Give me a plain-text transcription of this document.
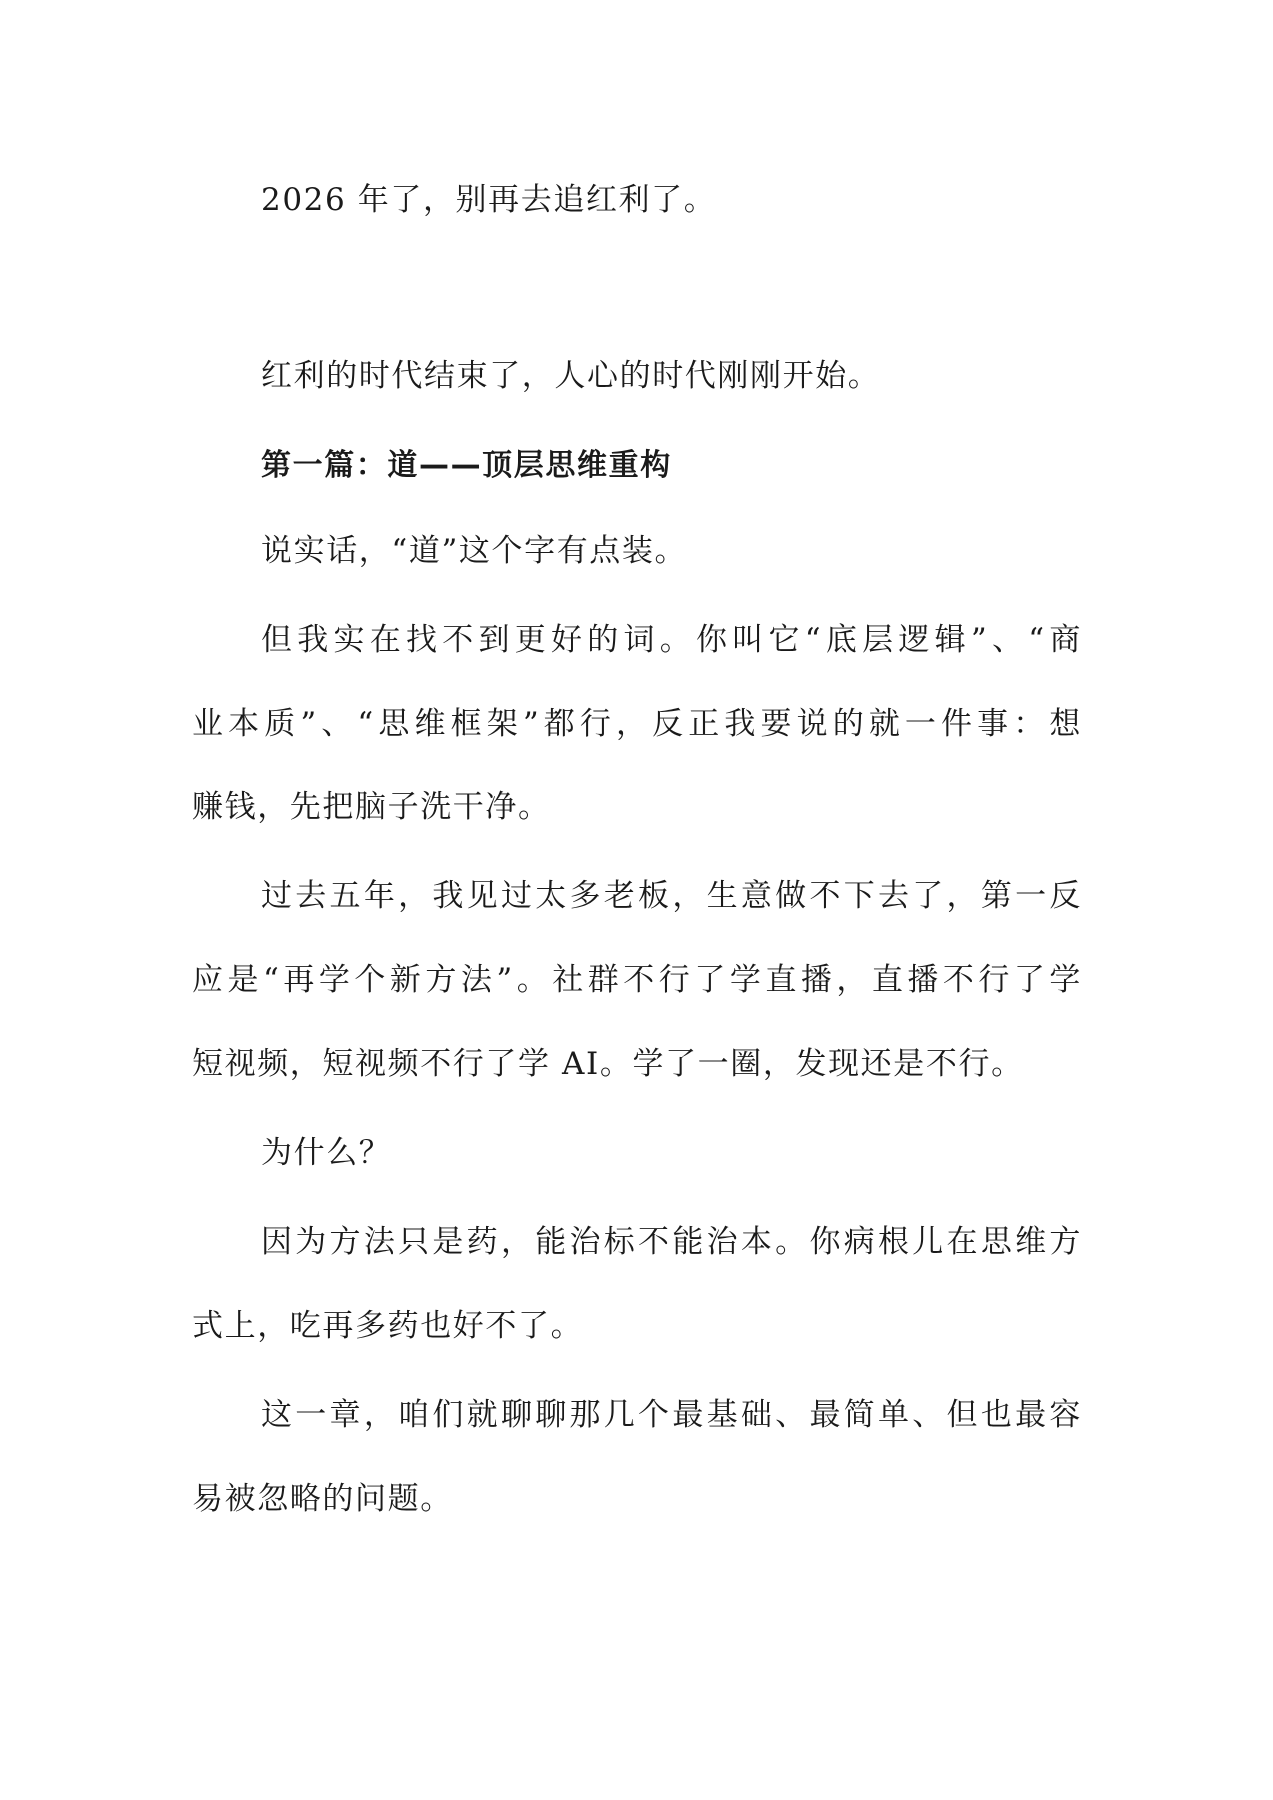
2026 年了，别再去追红利了。
红利的时代结束了，人心的时代刚刚开始。
第一篇：道——顶层思维重构
说实话，“道”这个字有点装。
但我实在找不到更好的词。你叫它“底层逻辑”、“商
业本质”、“思维框架”都行，反正我要说的就一件事：想
赚钱，先把脑子洗干净。
过去五年，我见过太多老板，生意做不下去了，第一反
应是“再学个新方法”。社群不行了学直播，直播不行了学
短视频，短视频不行了学 AI。学了一圈，发现还是不行。
为什么？
因为方法只是药，能治标不能治本。你病根儿在思维方
式上，吃再多药也好不了。
这一章，咱们就聊聊那几个最基础、最简单、但也最容
易被忽略的问题。
